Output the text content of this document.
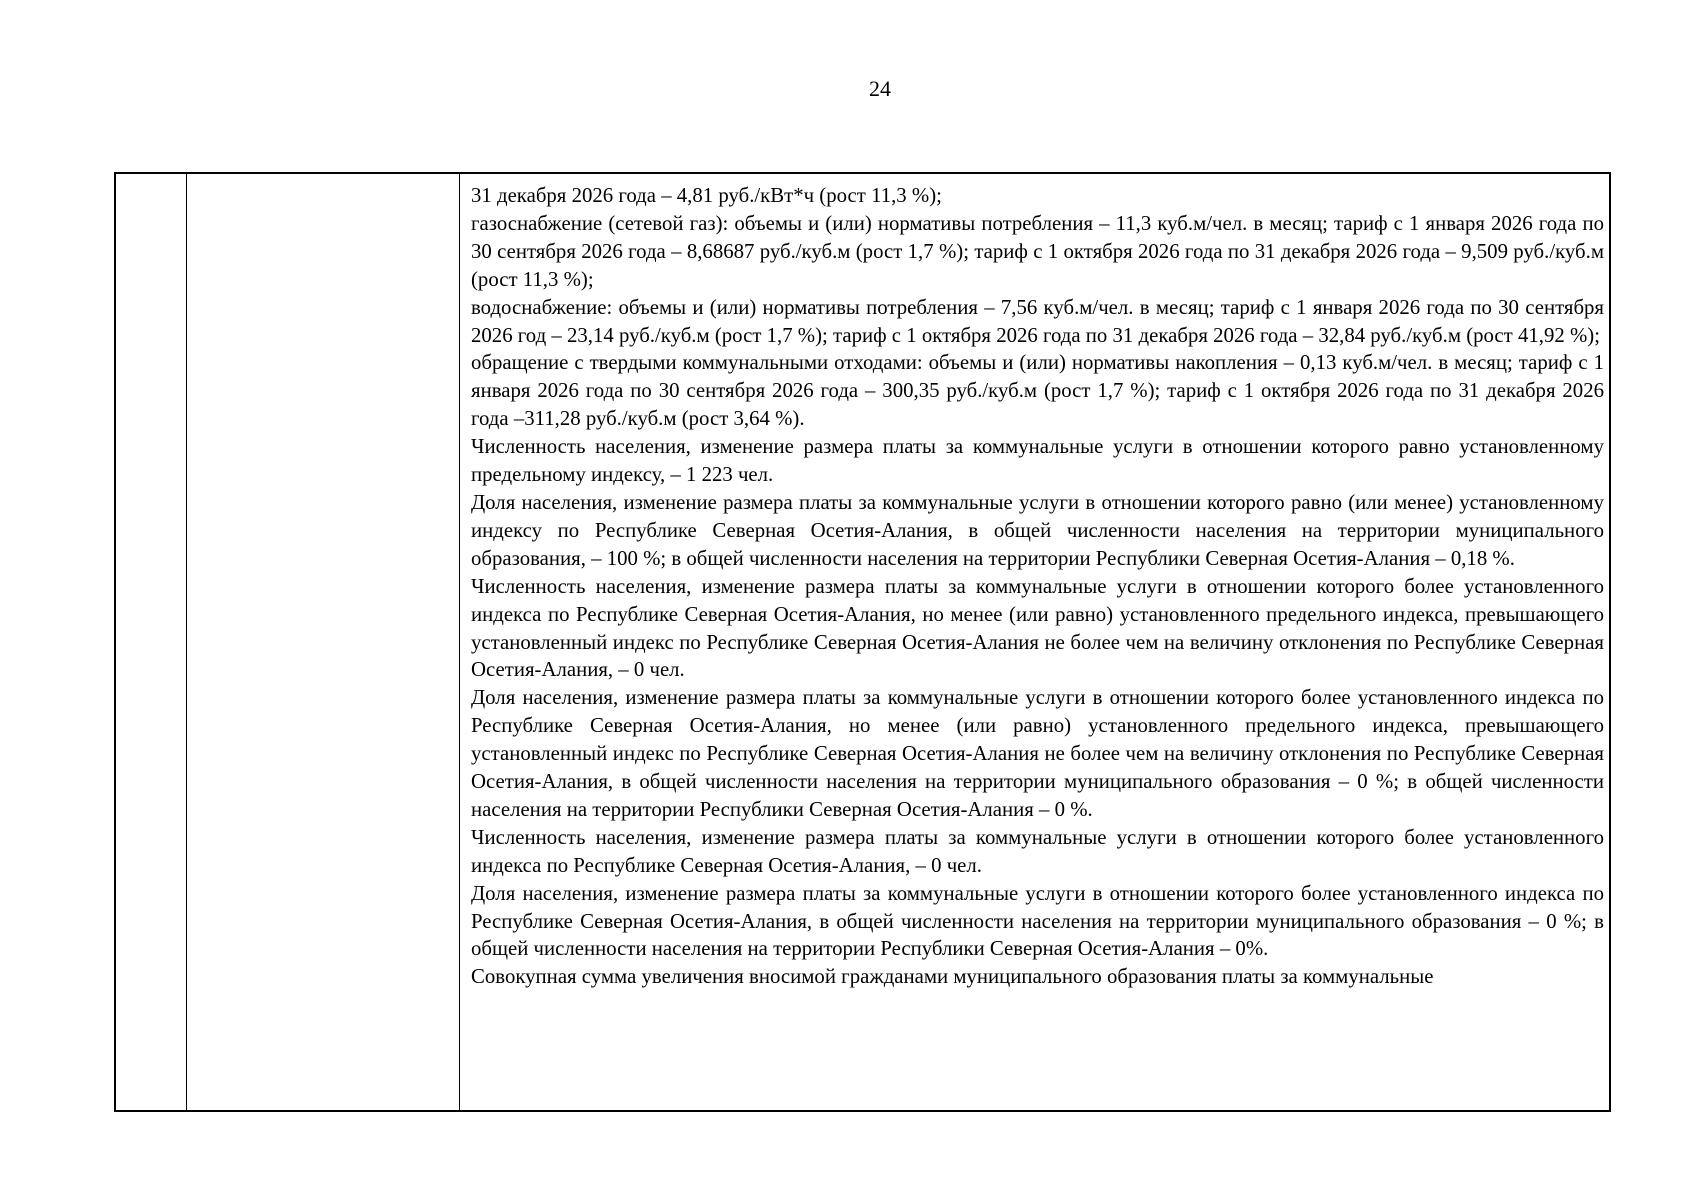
24

31 декабря 2026 года – 4,81 руб./кВт*ч (рост 11,3 %);

газоснабжение (сетевой газ): объемы и (или) нормативы потребления – 11,3 куб.м/чел. в месяц; тариф с 1 января 2026 года по 30 сентября 2026 года – 8,68687 руб./куб.м (рост 1,7 %); тариф с 1 октября 2026 года по 31 декабря 2026 года – 9,509 руб./куб.м (рост 11,3 %);

водоснабжение: объемы и (или) нормативы потребления – 7,56 куб.м/чел. в месяц; тариф с 1 января 2026 года по 30 сентября 2026 год – 23,14 руб./куб.м (рост 1,7 %); тариф с 1 октября 2026 года по 31 декабря 2026 года – 32,84 руб./куб.м (рост 41,92 %);

обращение с твердыми коммунальными отходами: объемы и (или) нормативы накопления – 0,13 куб.м/чел. в месяц; тариф с 1 января 2026 года по 30 сентября 2026 года – 300,35 руб./куб.м (рост 1,7 %); тариф с 1 октября 2026 года по 31 декабря 2026 года –311,28 руб./куб.м (рост 3,64 %).

Численность населения, изменение размера платы за коммунальные услуги в отношении которого равно установленному предельному индексу, – 1 223 чел.

Доля населения, изменение размера платы за коммунальные услуги в отношении которого равно (или менее) установленному индексу по Республике Северная Осетия-Алания, в общей численности населения на территории муниципального образования, – 100 %; в общей численности населения на территории Республики Северная Осетия-Алания – 0,18 %.

Численность населения, изменение размера платы за коммунальные услуги в отношении которого более установленного индекса по Республике Северная Осетия-Алания, но менее (или равно) установленного предельного индекса, превышающего установленный индекс по Республике Северная Осетия-Алания не более чем на величину отклонения по Республике Северная Осетия-Алания, – 0 чел.

Доля населения, изменение размера платы за коммунальные услуги в отношении которого более установленного индекса по Республике Северная Осетия-Алания, но менее (или равно) установленного предельного индекса, превышающего установленный индекс по Республике Северная Осетия-Алания не более чем на величину отклонения по Республике Северная Осетия-Алания, в общей численности населения на территории муниципального образования – 0 %; в общей численности населения на территории Республики Северная Осетия-Алания – 0 %.

Численность населения, изменение размера платы за коммунальные услуги в отношении которого более установленного индекса по Республике Северная Осетия-Алания, – 0 чел.

Доля населения, изменение размера платы за коммунальные услуги в отношении которого более установленного индекса по Республике Северная Осетия-Алания, в общей численности населения на территории муниципального образования – 0 %; в общей численности населения на территории Республики Северная Осетия-Алания – 0%.

Совокупная сумма увеличения вносимой гражданами муниципального образования платы за коммунальные
